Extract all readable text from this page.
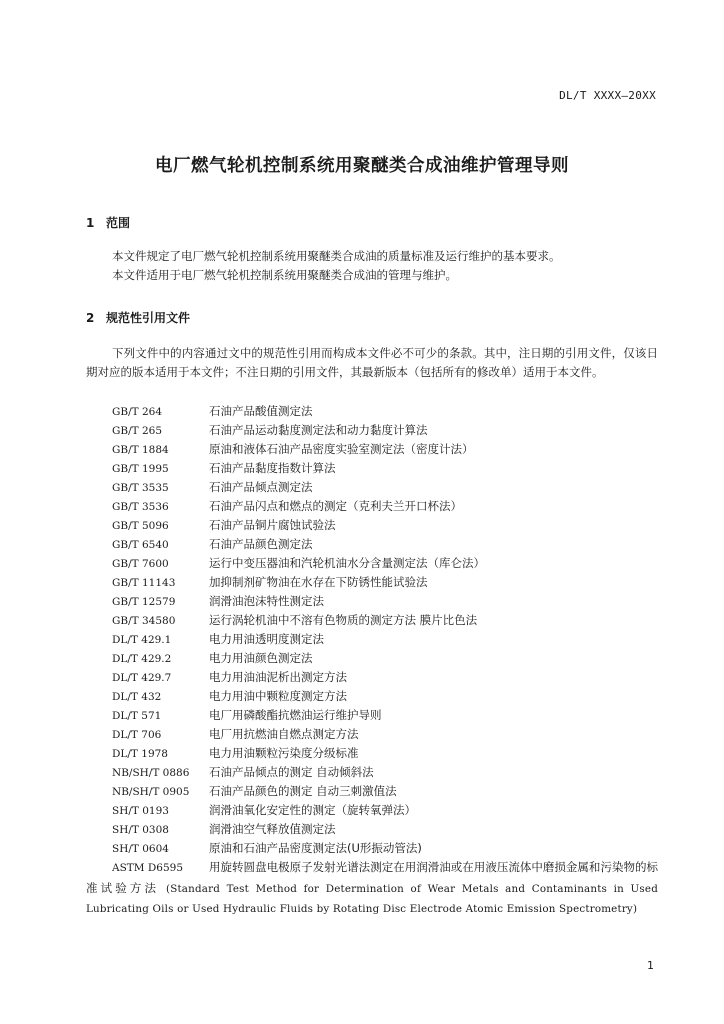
DL/T XXXX—20XX
电厂燃气轮机控制系统用聚醚类合成油维护管理导则
1 范围
本文件规定了电厂燃气轮机控制系统用聚醚类合成油的质量标准及运行维护的基本要求。
本文件适用于电厂燃气轮机控制系统用聚醚类合成油的管理与维护。
2 规范性引用文件

下列文件中的内容通过文中的规范性引用而构成本文件必不可少的条款。其中，注日期的引用文件，仅该日期对应的版本适用于本文件；不注日期的引用文件，其最新版本（包括所有的修改单）适用于本文件。

GB/T 264	石油产品酸值测定法
GB/T 265	石油产品运动黏度测定法和动力黏度计算法
GB/T 1884	原油和液体石油产品密度实验室测定法（密度计法）
GB/T 1995	石油产品黏度指数计算法
GB/T 3535	石油产品倾点测定法
GB/T 3536	石油产品闪点和燃点的测定（克利夫兰开口杯法）
GB/T 5096	石油产品铜片腐蚀试验法
GB/T 6540	石油产品颜色测定法
GB/T 7600	运行中变压器油和汽轮机油水分含量测定法（库仑法）
GB/T 11143	加抑制剂矿物油在水存在下防锈性能试验法
GB/T 12579	润滑油泡沫特性测定法
GB/T 34580	运行涡轮机油中不溶有色物质的测定方法 膜片比色法
DL/T 429.1	电力用油透明度测定法
DL/T 429.2	电力用油颜色测定法
DL/T 429.7	电力用油油泥析出测定方法
DL/T 432	电力用油中颗粒度测定方法
DL/T 571	电厂用磷酸酯抗燃油运行维护导则
DL/T 706	电厂用抗燃油自燃点测定方法
DL/T 1978	电力用油颗粒污染度分级标准
NB/SH/T 0886 石油产品倾点的测定 自动倾斜法
NB/SH/T 0905 石油产品颜色的测定 自动三刺激值法
SH/T 0193	润滑油氧化安定性的测定（旋转氧弹法）
SH/T 0308	润滑油空气释放值测定法
SH/T 0604	原油和石油产品密度测定法(U形振动管法)

ASTM D6595 用旋转圆盘电极原子发射光谱法测定在用润滑油或在用液压流体中磨损金属和污染物的标准试验方法 (Standard Test Method for Determination of Wear Metals and Contaminants in Used Lubricating Oils or Used Hydraulic Fluids by Rotating Disc Electrode Atomic Emission Spectrometry)

1
